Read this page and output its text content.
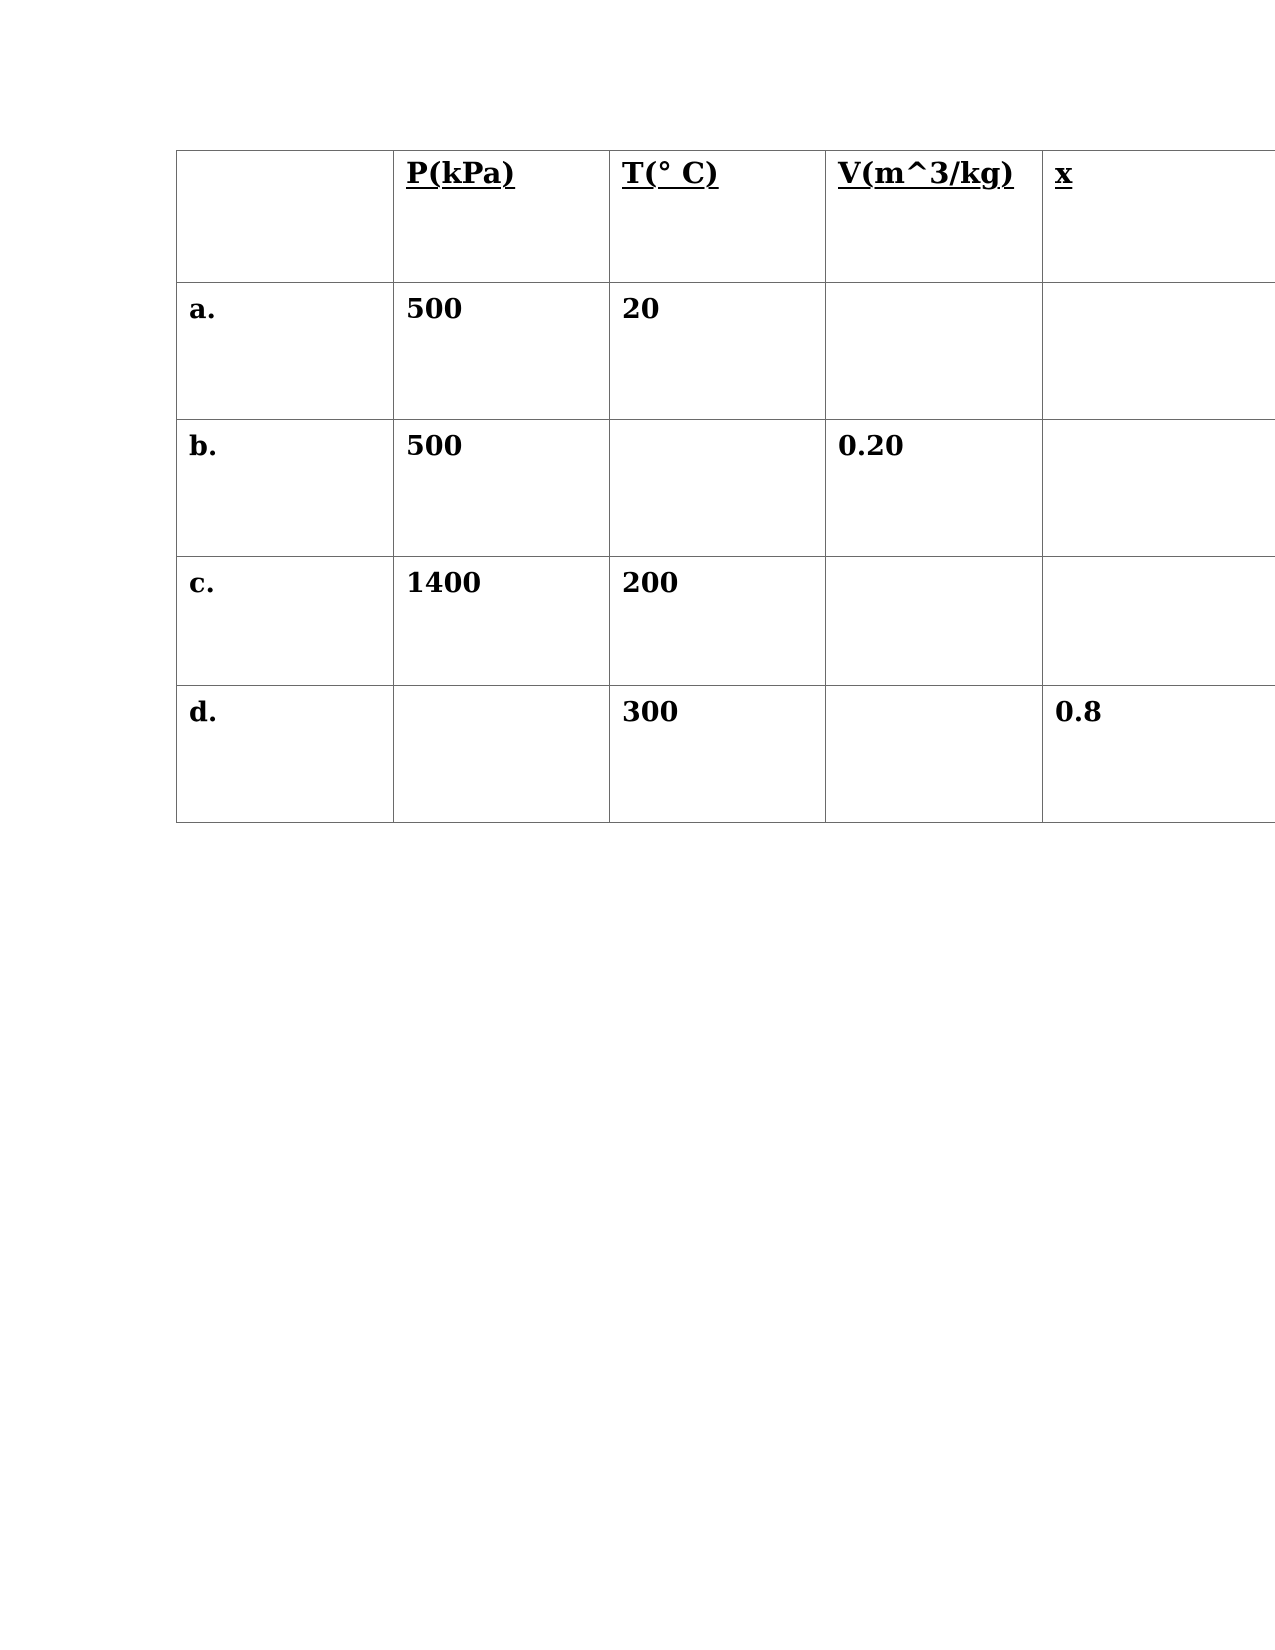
	P(kPa)	T(° C)	V(m^3/kg)	x
a.	500	20		
b.	500		0.20	
c.	1400	200		
d.		300		0.8
